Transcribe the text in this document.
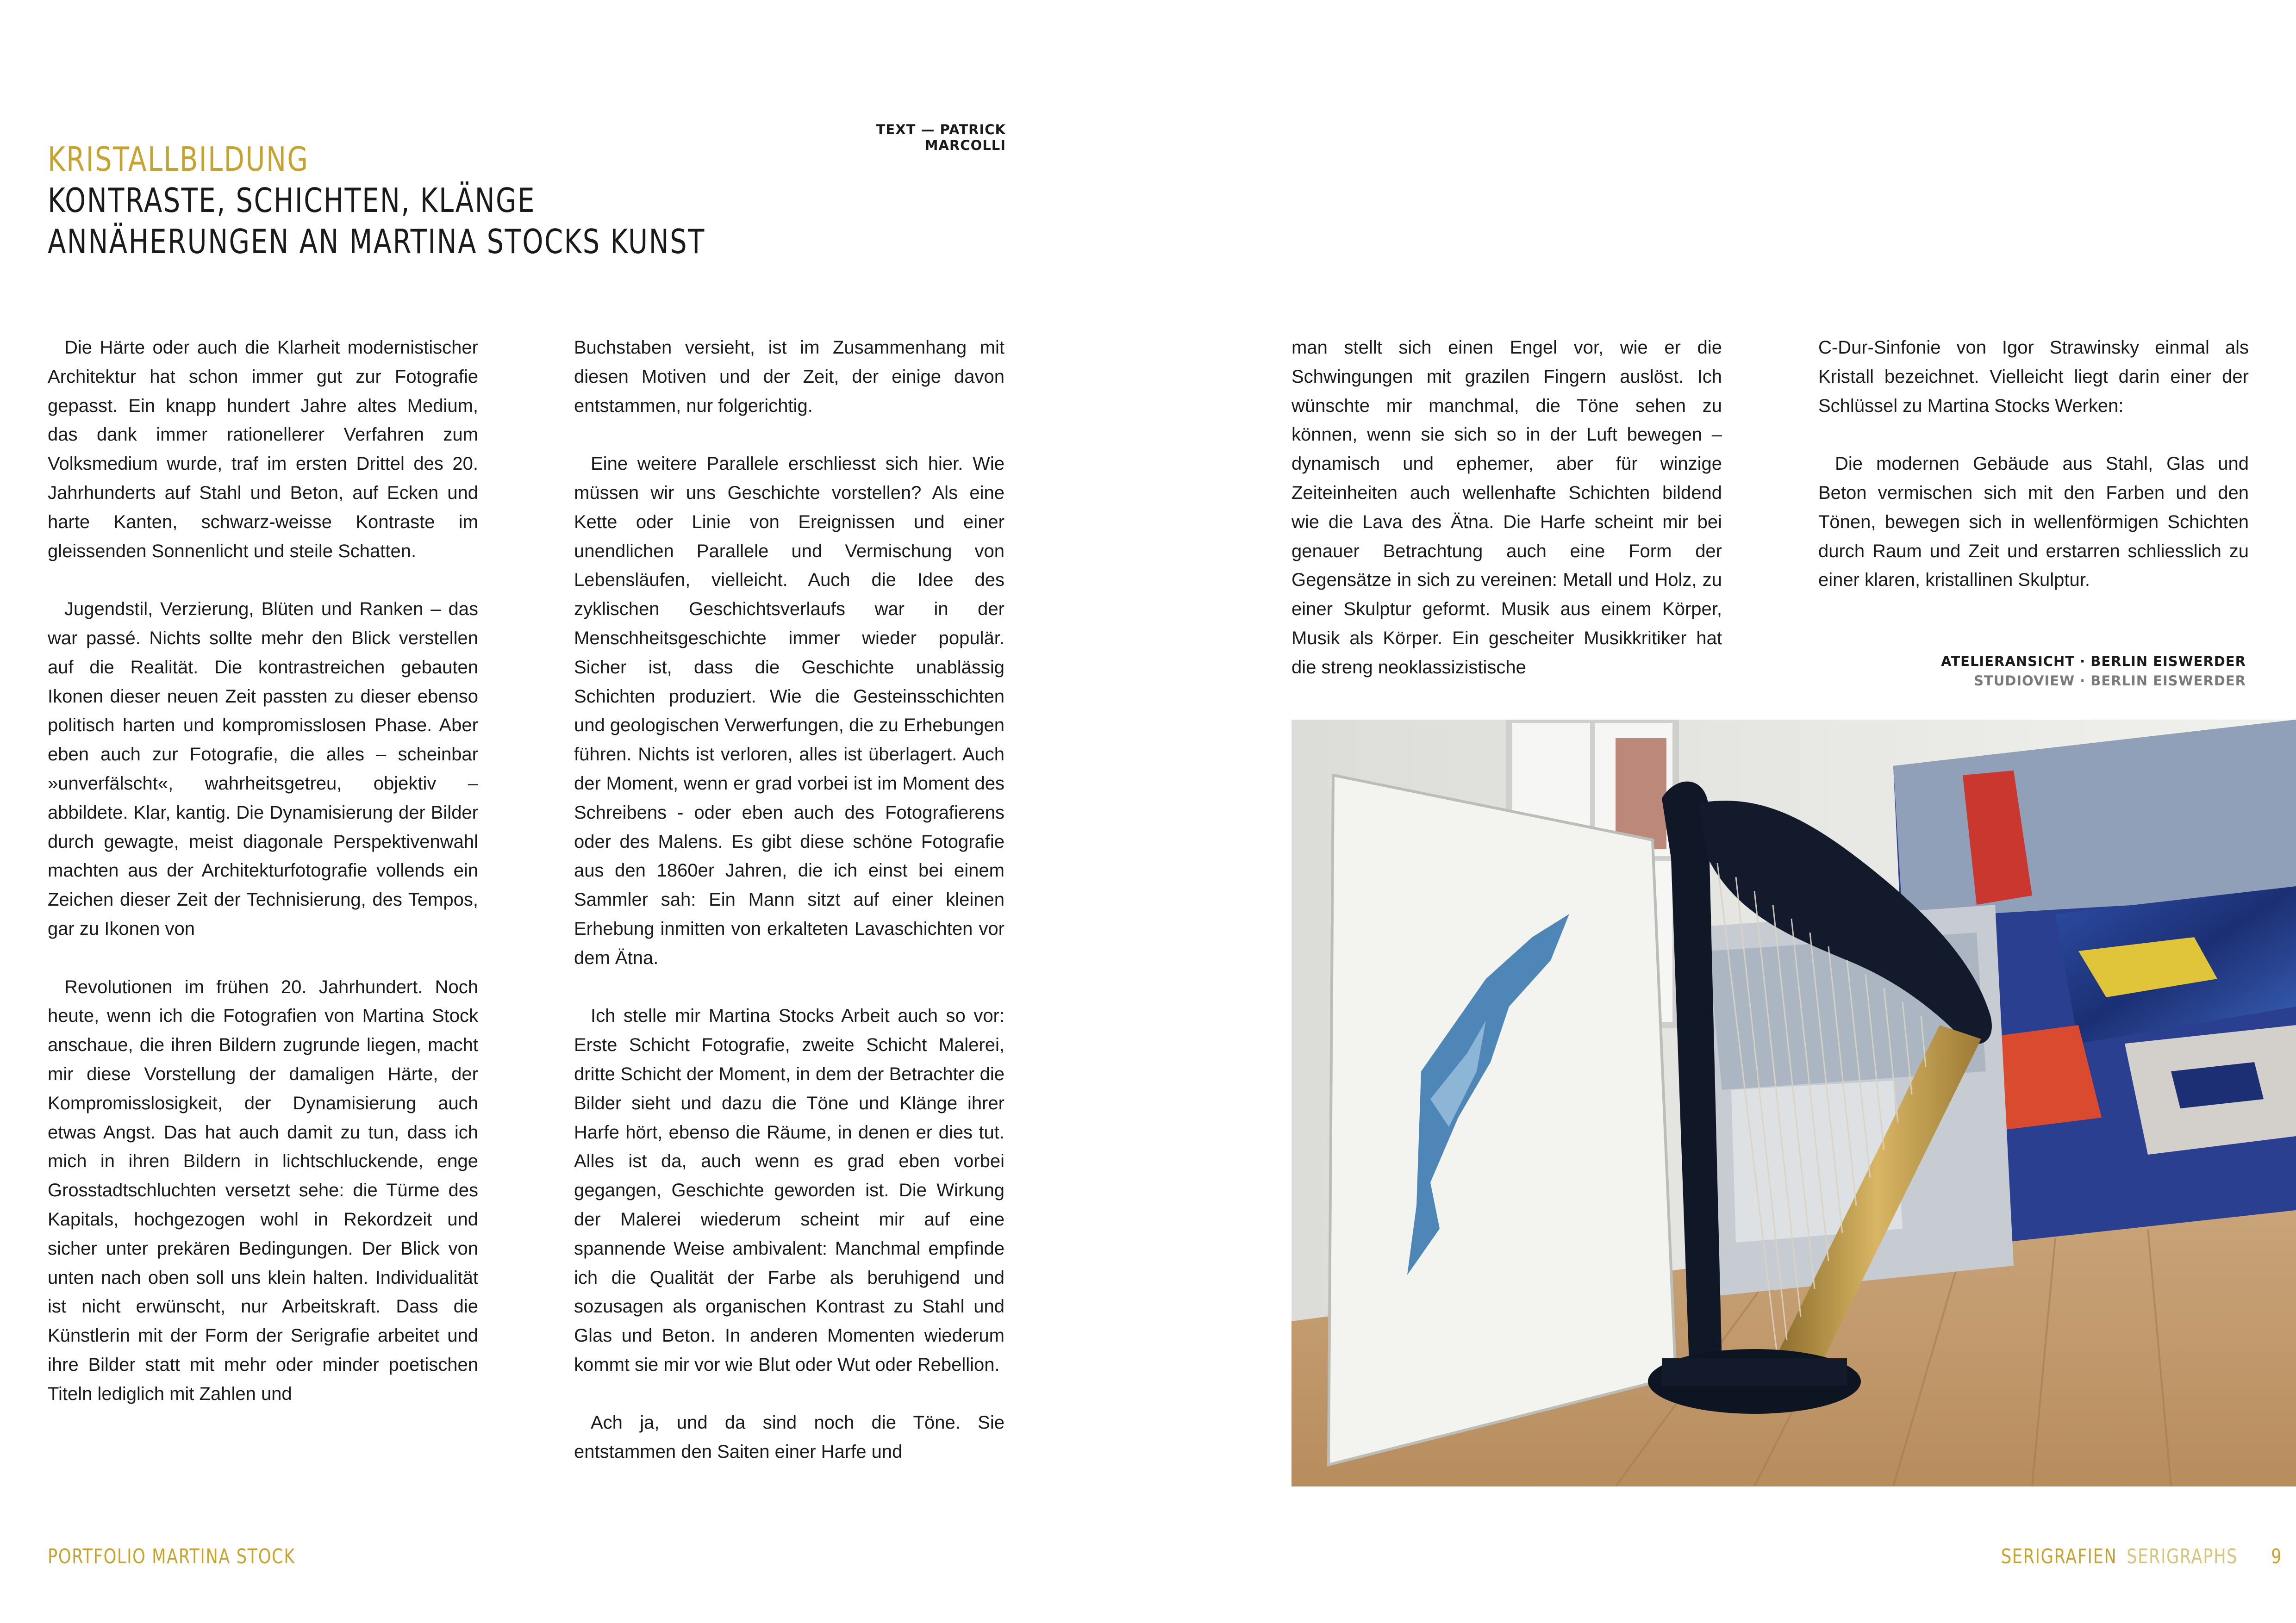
TEXT — PATRICK MARCOLLI

KRISTALLBILDUNG
KONTRASTE, SCHICHTEN, KLÄNGE
ANNÄHERUNGEN AN MARTINA STOCKS KUNST

Die Härte oder auch die Klarheit modernistischer Architektur hat schon immer gut zur Fotografie gepasst. Ein knapp hundert Jahre altes Medium, das dank immer rationellerer Verfahren zum Volksmedium wurde, traf im ersten Drittel des 20. Jahrhunderts auf Stahl und Beton, auf Ecken und harte Kanten, schwarz-weisse Kontraste im gleissenden Sonnenlicht und steile Schatten.

Jugendstil, Verzierung, Blüten und Ranken – das war passé. Nichts sollte mehr den Blick verstellen auf die Realität. Die kontrastreichen gebauten Ikonen dieser neuen Zeit passten zu dieser ebenso politisch harten und kompromisslosen Phase. Aber eben auch zur Fotografie, die alles – scheinbar »unverfälscht«, wahrheitsgetreu, objektiv – abbildete. Klar, kantig. Die Dynamisierung der Bilder durch gewagte, meist diagonale Perspektivenwahl machten aus der Architekturfotografie vollends ein Zeichen dieser Zeit der Technisierung, des Tempos, gar zu Ikonen von

Revolutionen im frühen 20. Jahrhundert. Noch heute, wenn ich die Fotografien von Martina Stock anschaue, die ihren Bildern zugrunde liegen, macht mir diese Vorstellung der damaligen Härte, der Kompromisslosigkeit, der Dynamisierung auch etwas Angst. Das hat auch damit zu tun, dass ich mich in ihren Bildern in lichtschluckende, enge Grosstadtschluchten versetzt sehe: die Türme des Kapitals, hochgezogen wohl in Rekordzeit und sicher unter prekären Bedingungen. Der Blick von unten nach oben soll uns klein halten. Individualität ist nicht erwünscht, nur Arbeitskraft. Dass die Künstlerin mit der Form der Serigrafie arbeitet und ihre Bilder statt mit mehr oder minder poetischen Titeln lediglich mit Zahlen und

Buchstaben versieht, ist im Zusammenhang mit diesen Motiven und der Zeit, der einige davon entstammen, nur folgerichtig.

Eine weitere Parallele erschliesst sich hier. Wie müssen wir uns Geschichte vorstellen? Als eine Kette oder Linie von Ereignissen und einer unendlichen Parallele und Vermischung von Lebensläufen, vielleicht. Auch die Idee des zyklischen Geschichtsverlaufs war in der Menschheitsgeschichte immer wieder populär. Sicher ist, dass die Geschichte unablässig Schichten produziert. Wie die Gesteinsschichten und geologischen Verwerfungen, die zu Erhebungen führen. Nichts ist verloren, alles ist überlagert. Auch der Moment, wenn er grad vorbei ist im Moment des Schreibens - oder eben auch des Fotografierens oder des Malens. Es gibt diese schöne Fotografie aus den 1860er Jahren, die ich einst bei einem Sammler sah: Ein Mann sitzt auf einer kleinen Erhebung inmitten von erkalteten Lavaschichten vor dem Ätna.

Ich stelle mir Martina Stocks Arbeit auch so vor: Erste Schicht Fotografie, zweite Schicht Malerei, dritte Schicht der Moment, in dem der Betrachter die Bilder sieht und dazu die Töne und Klänge ihrer Harfe hört, ebenso die Räume, in denen er dies tut. Alles ist da, auch wenn es grad eben vorbei gegangen, Geschichte geworden ist. Die Wirkung der Malerei wiederum scheint mir auf eine spannende Weise ambivalent: Manchmal empfinde ich die Qualität der Farbe als beruhigend und sozusagen als organischen Kontrast zu Stahl und Glas und Beton. In anderen Momenten wiederum kommt sie mir vor wie Blut oder Wut oder Rebellion.

Ach ja, und da sind noch die Töne. Sie entstammen den Saiten einer Harfe und

man stellt sich einen Engel vor, wie er die Schwingungen mit grazilen Fingern auslöst. Ich wünschte mir manchmal, die Töne sehen zu können, wenn sie sich so in der Luft bewegen – dynamisch und ephemer, aber für winzige Zeiteinheiten auch wellenhafte Schichten bildend wie die Lava des Ätna. Die Harfe scheint mir bei genauer Betrachtung auch eine Form der Gegensätze in sich zu vereinen: Metall und Holz, zu einer Skulptur geformt. Musik aus einem Körper, Musik als Körper. Ein gescheiter Musikkritiker hat die streng neoklassizistische

C-Dur-Sinfonie von Igor Strawinsky einmal als Kristall bezeichnet. Vielleicht liegt darin einer der Schlüssel zu Martina Stocks Werken:

Die modernen Gebäude aus Stahl, Glas und Beton vermischen sich mit den Farben und den Tönen, bewegen sich in wellenförmigen Schichten durch Raum und Zeit und erstarren schliesslich zu einer klaren, kristallinen Skulptur.

ATELIERANSICHT · BERLIN EISWERDER
STUDIOVIEW · BERLIN EISWERDER
PORTFOLIO MARTINA STOCK	SERIGRAFIEN SERIGRAPHS 9
